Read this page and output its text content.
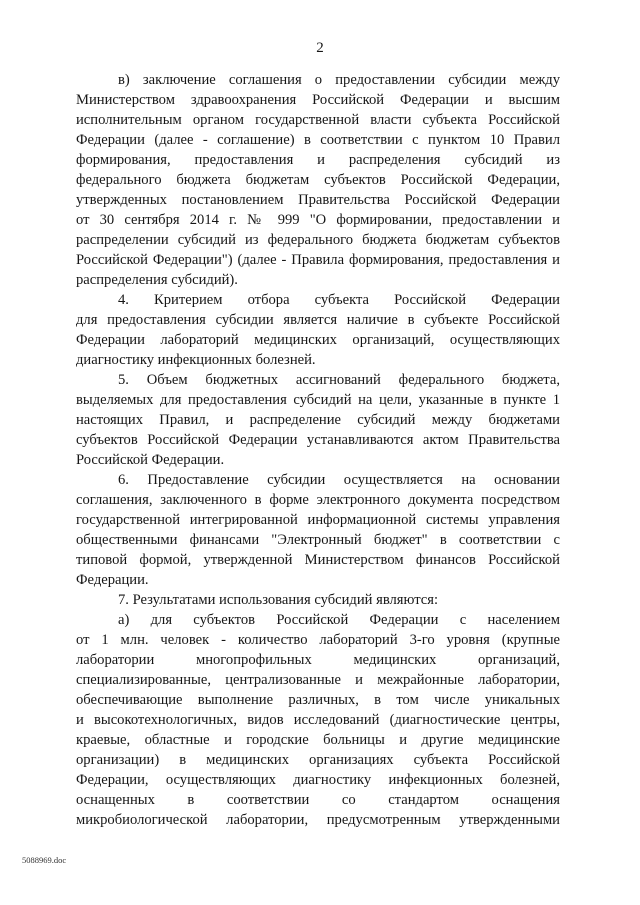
2
в) заключение соглашения о предоставлении субсидии между
Министерством здравоохранения Российской Федерации и высшим
исполнительным органом государственной власти субъекта Российской
Федерации (далее - соглашение) в соответствии с пунктом 10 Правил
формирования, предоставления и распределения субсидий из
федерального бюджета бюджетам субъектов Российской Федерации,
утвержденных постановлением Правительства Российской Федерации
от 30 сентября 2014 г. № 999 "О формировании, предоставлении и
распределении субсидий из федерального бюджета бюджетам субъектов
Российской Федерации") (далее - Правила формирования, предоставления и
распределения субсидий).
4. Критерием отбора субъекта Российской Федерации
для предоставления субсидии является наличие в субъекте Российской
Федерации лабораторий медицинских организаций, осуществляющих
диагностику инфекционных болезней.
5. Объем бюджетных ассигнований федерального бюджета,
выделяемых для предоставления субсидий на цели, указанные в пункте 1
настоящих Правил, и распределение субсидий между бюджетами
субъектов Российской Федерации устанавливаются актом Правительства
Российской Федерации.
6. Предоставление субсидии осуществляется на основании
соглашения, заключенного в форме электронного документа посредством
государственной интегрированной информационной системы управления
общественными финансами "Электронный бюджет" в соответствии с
типовой формой, утвержденной Министерством финансов Российской
Федерации.
7. Результатами использования субсидий являются:
а) для субъектов Российской Федерации с населением
от 1 млн. человек - количество лабораторий 3-го уровня (крупные
лаборатории многопрофильных медицинских организаций,
специализированные, централизованные и межрайонные лаборатории,
обеспечивающие выполнение различных, в том числе уникальных
и высокотехнологичных, видов исследований (диагностические центры,
краевые, областные и городские больницы и другие медицинские
организации) в медицинских организациях субъекта Российской
Федерации, осуществляющих диагностику инфекционных болезней,
оснащенных в соответствии со стандартом оснащения
микробиологической лаборатории, предусмотренным утвержденными
5088969.doc
